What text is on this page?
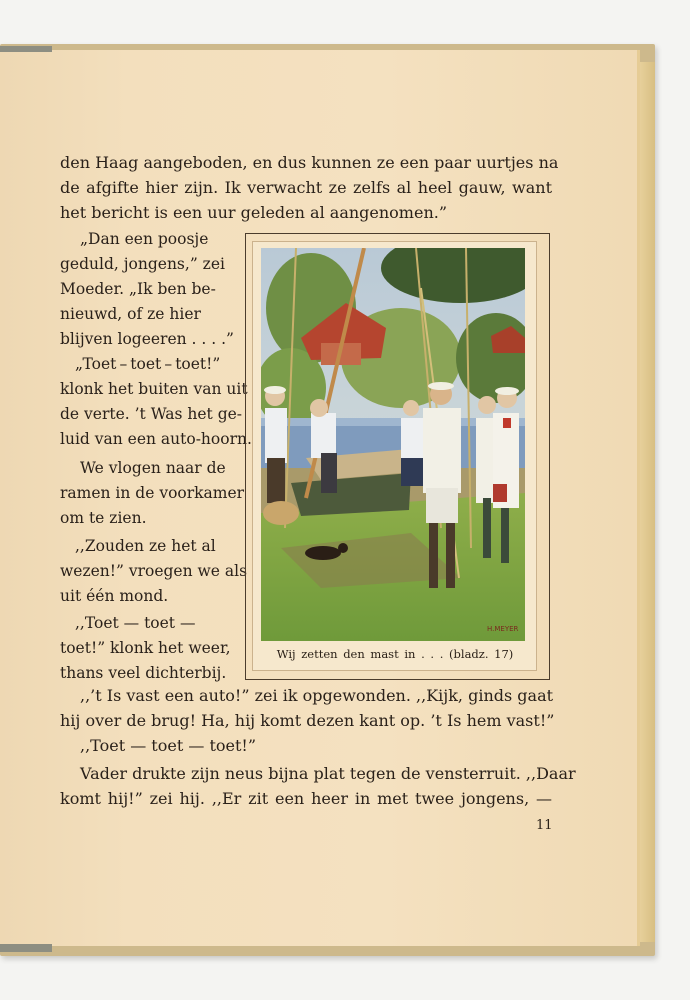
den Haag aangeboden, en dus kunnen ze een paar uurtjes na
de afgifte hier zijn. Ik verwacht ze zelfs al heel gauw, want
het bericht is een uur geleden al aangenomen.”
„Dan een poosje
geduld, jongens,” zei
Moeder. „Ik ben be-
nieuwd, of ze hier
blijven logeeren . . . .”
„Toet – toet – toet!”
klonk het buiten van uit
de verte. ’t Was het ge-
luid van een auto-hoorn.
We vlogen naar de
ramen in de voorkamer
om te zien.
,,Zouden ze het al
wezen!” vroegen we als
uit één mond.
,,Toet — toet —
toet!” klonk het weer,
thans veel dichterbij.
H.MEYER
Wij zetten den mast in . . . (bladz. 17)
,,’t Is vast een auto!” zei ik opgewonden. ,,Kijk, ginds gaat
hij over de brug! Ha, hij komt dezen kant op. ’t Is hem vast!”
,,Toet — toet — toet!”
Vader drukte zijn neus bijna plat tegen de vensterruit. ,,Daar
komt hij!” zei hij. ,,Er zit een heer in met twee jongens, —
11
